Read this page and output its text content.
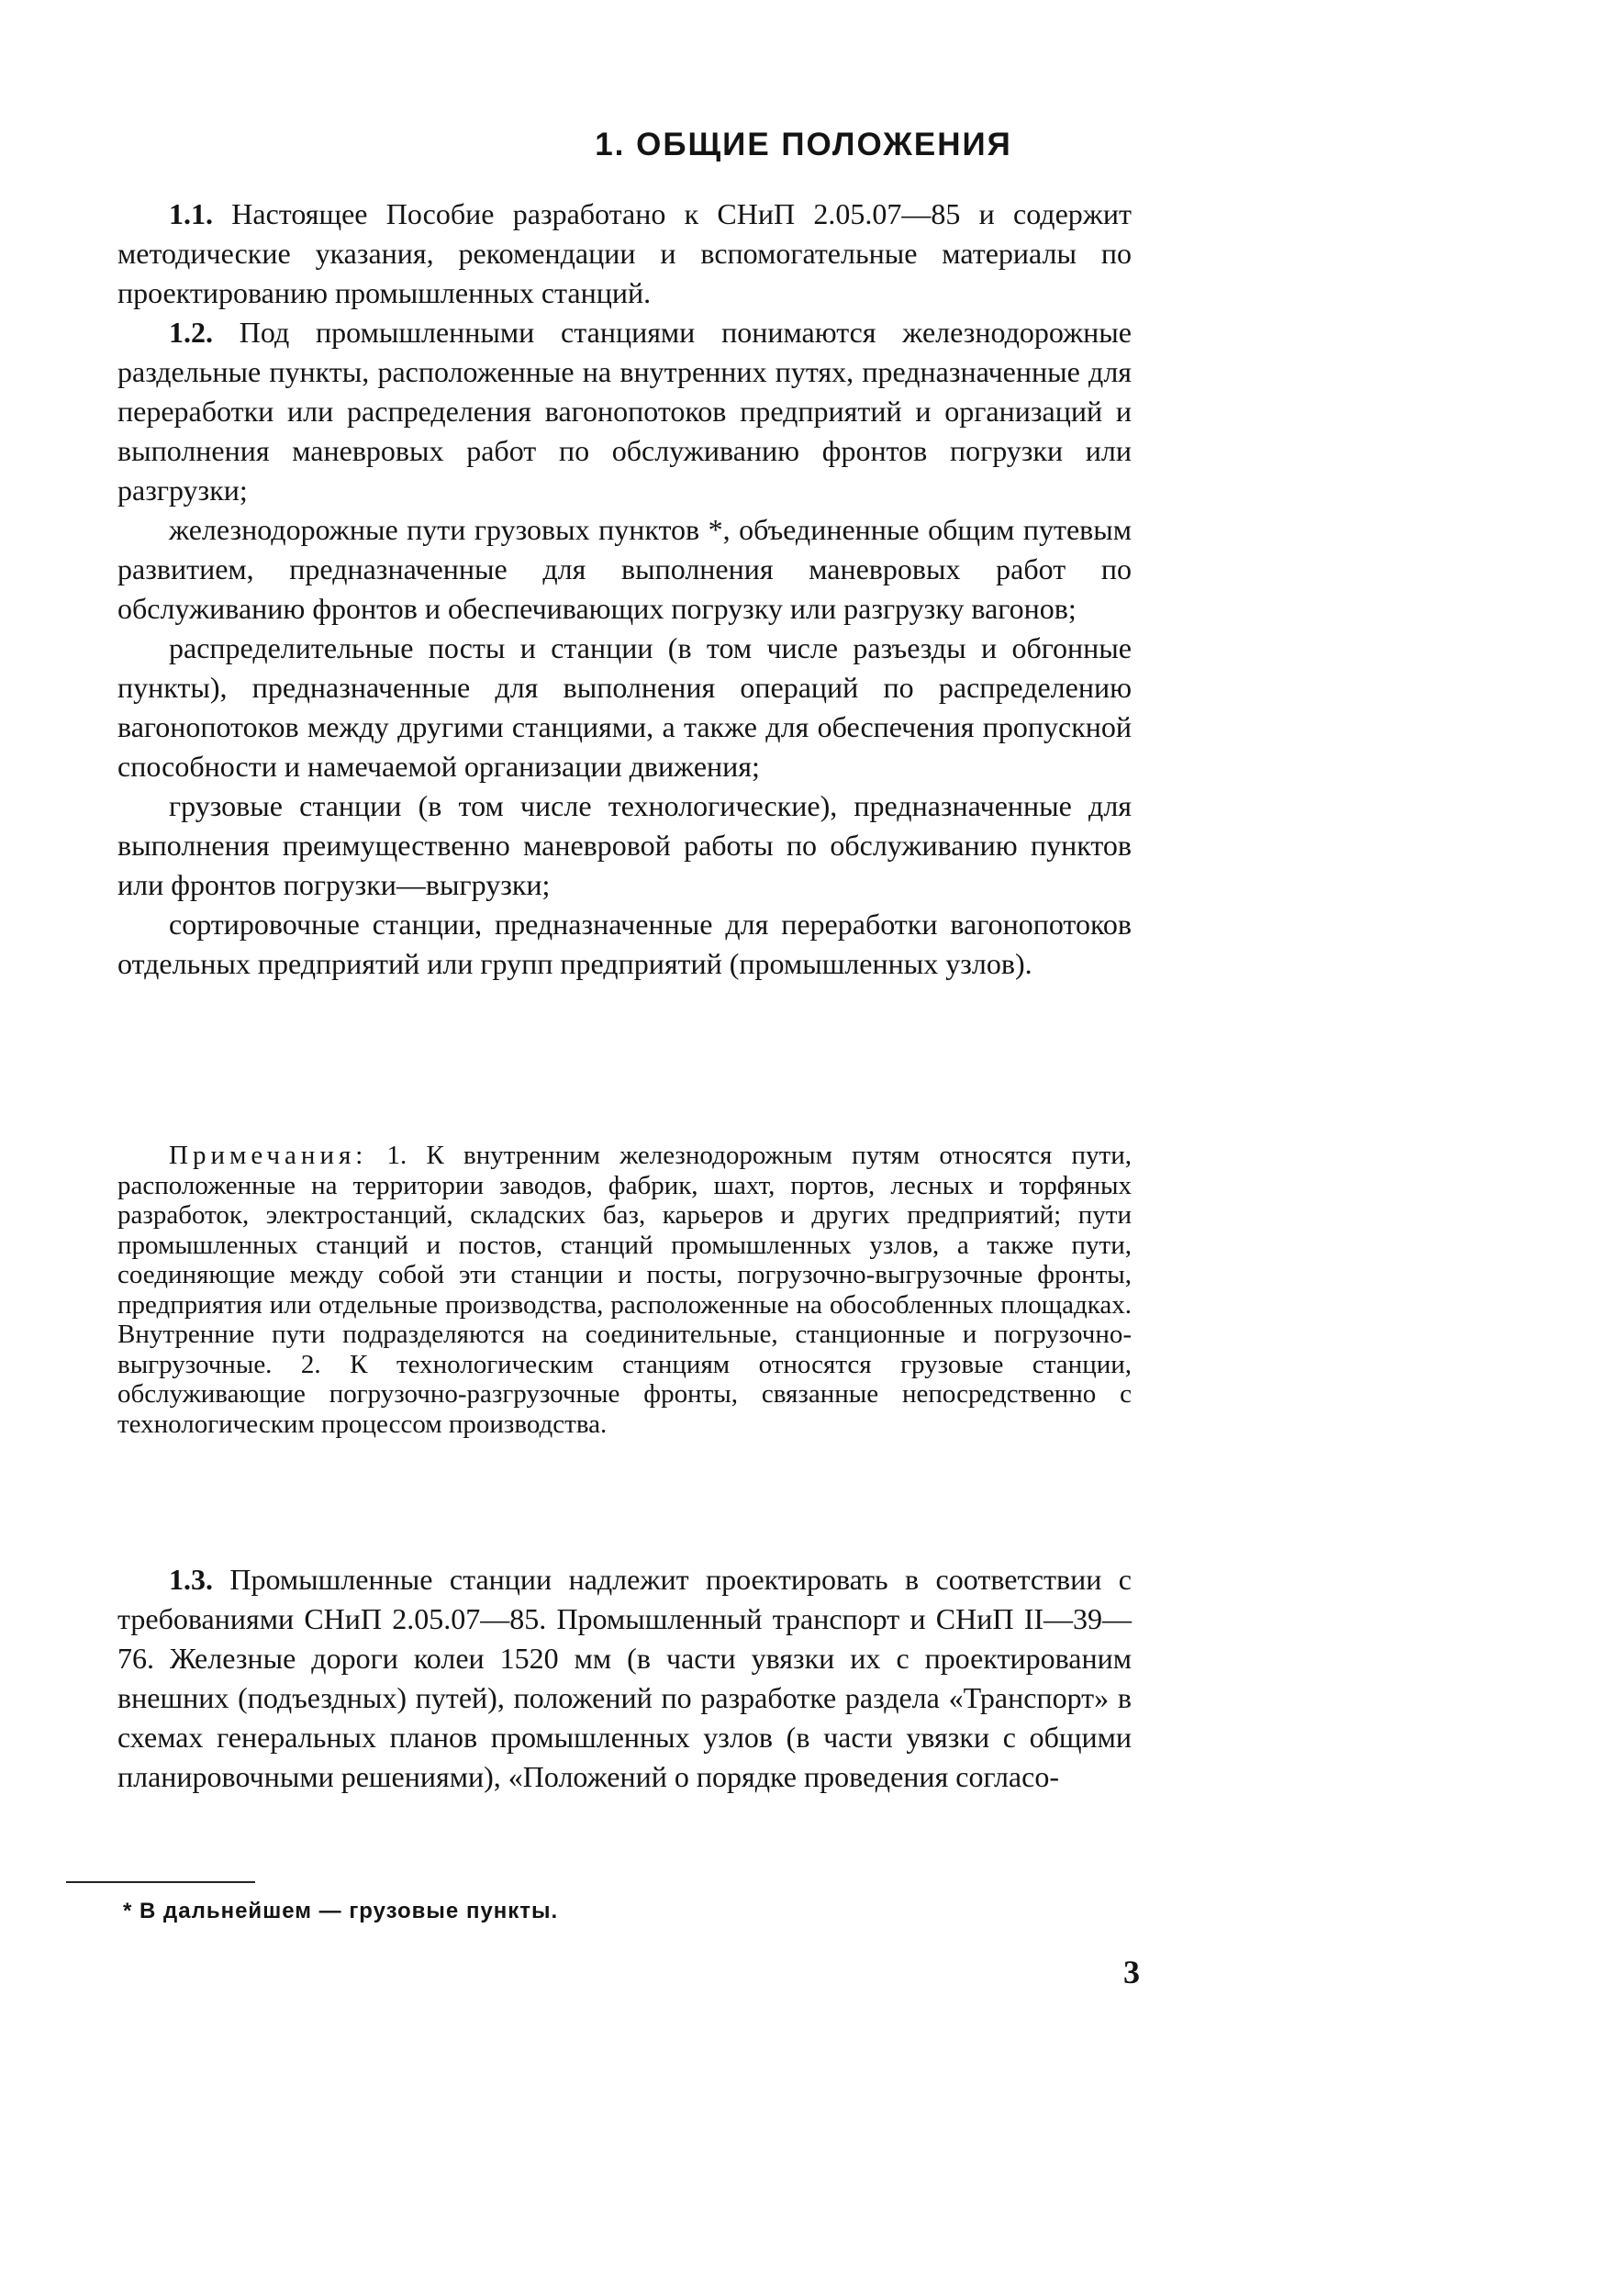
1. ОБЩИЕ ПОЛОЖЕНИЯ

1.1. Настоящее Пособие разработано к СНиП 2.05.07—85 и содержит методические указания, рекомендации и вспомогательные материалы по проектированию промышленных станций.

1.2. Под промышленными станциями понимаются железнодорожные раздельные пункты, расположенные на внутренних путях, предназначенные для переработки или распределения вагонопотоков предприятий и организаций и выполнения маневровых работ по обслуживанию фронтов погрузки или разгрузки;

железнодорожные пути грузовых пунктов *, объединенные общим путевым развитием, предназначенные для выполнения маневровых работ по обслуживанию фронтов и обеспечивающих погрузку или разгрузку вагонов;

распределительные посты и станции (в том числе разъезды и обгонные пункты), предназначенные для выполнения операций по распределению вагонопотоков между другими станциями, а также для обеспечения пропускной способности и намечаемой организации движения;

грузовые станции (в том числе технологические), предназначенные для выполнения преимущественно маневровой работы по обслуживанию пунктов или фронтов погрузки—выгрузки;

сортировочные станции, предназначенные для переработки вагонопотоков отдельных предприятий или групп предприятий (промышленных узлов).

Примечания: 1. К внутренним железнодорожным путям относятся пути, расположенные на территории заводов, фабрик, шахт, портов, лесных и торфяных разработок, электростанций, складских баз, карьеров и других предприятий; пути промышленных станций и постов, станций промышленных узлов, а также пути, соединяющие между собой эти станции и посты, погрузочно-выгрузочные фронты, предприятия или отдельные производства, расположенные на обособленных площадках. Внутренние пути подразделяются на соединительные, станционные и погрузочно-выгрузочные. 2. К технологическим станциям относятся грузовые станции, обслуживающие погрузочно-разгрузочные фронты, связанные непосредственно с технологическим процессом производства.

1.3. Промышленные станции надлежит проектировать в соответствии с требованиями СНиП 2.05.07—85. Промышленный транспорт и СНиП II—39—76. Железные дороги колеи 1520 мм (в части увязки их с проектированим внешних (подъездных) путей), положений по разработке раздела «Транспорт» в схемах генеральных планов промышленных узлов (в части увязки с общими планировочными решениями), «Положений о порядке проведения согласо-

* В дальнейшем — грузовые пункты.

3
